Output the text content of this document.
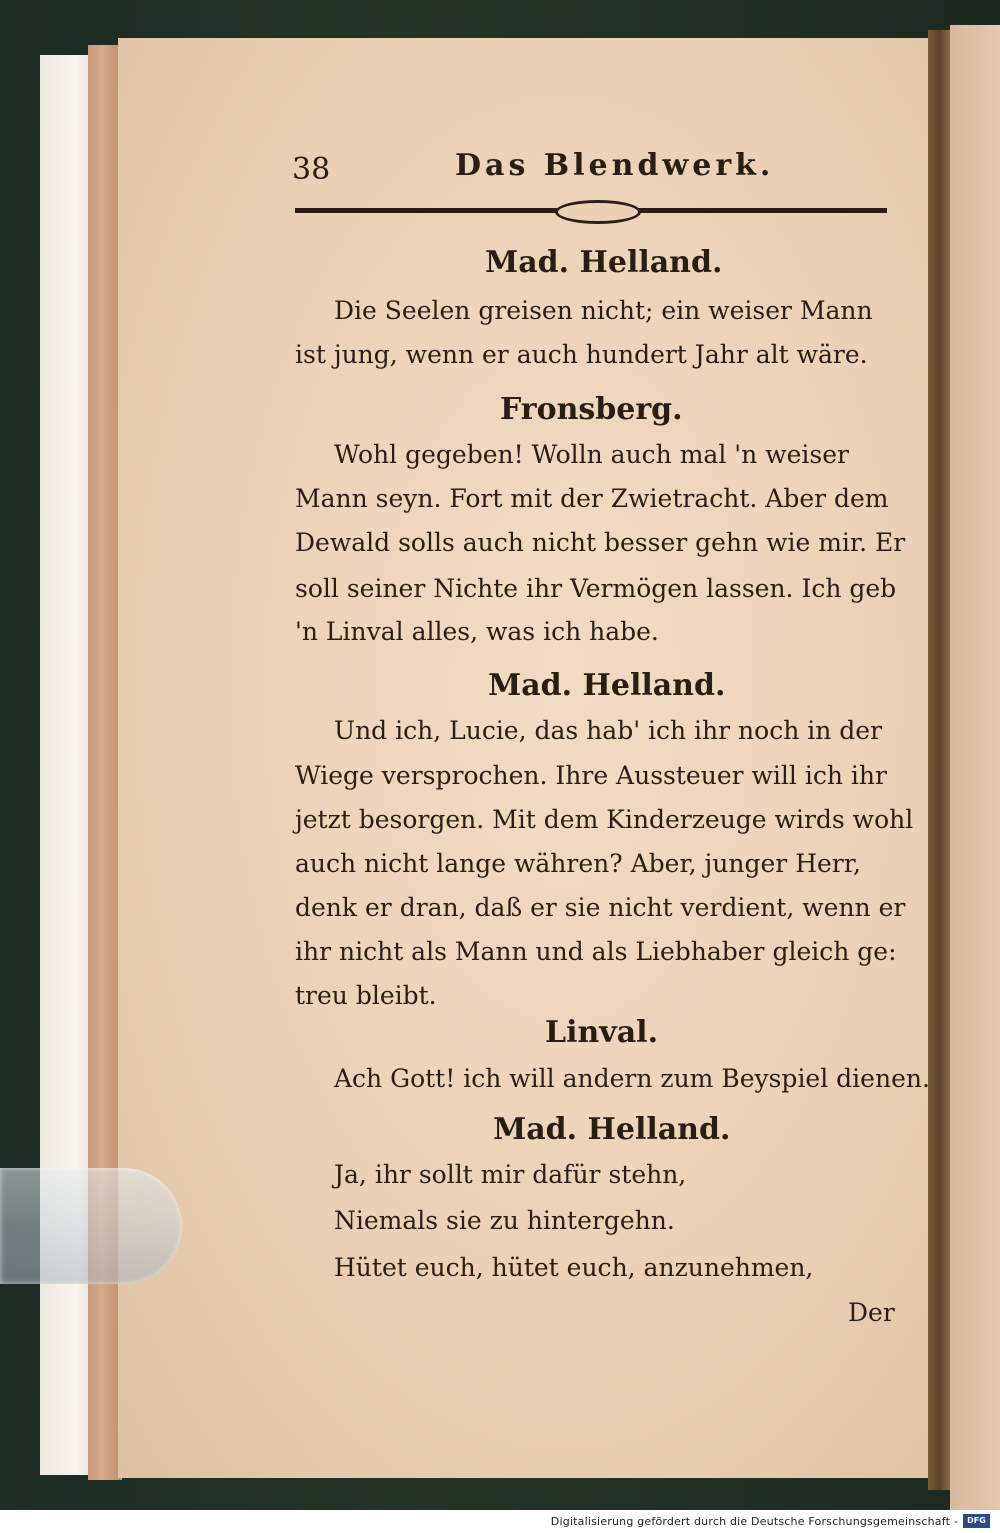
38	Das Blendwerk.
Mad. Helland.
Die Seelen greisen nicht; ein weiser Mann
ist jung, wenn er auch hundert Jahr alt wäre.
Fronsberg.
Wohl gegeben! Wolln auch mal 'n weiser
Mann seyn. Fort mit der Zwietracht. Aber dem
Dewald solls auch nicht besser gehn wie mir. Er
soll seiner Nichte ihr Vermögen lassen. Ich geb
'n Linval alles, was ich habe.
Mad. Helland.
Und ich, Lucie, das hab' ich ihr noch in der
Wiege versprochen. Ihre Aussteuer will ich ihr
jetzt besorgen. Mit dem Kinderzeuge wirds wohl
auch nicht lange währen? Aber, junger Herr,
denk er dran, daß er sie nicht verdient, wenn er
ihr nicht als Mann und als Liebhaber gleich ge:
treu bleibt.
Linval.
Ach Gott! ich will andern zum Beyspiel dienen.
Mad. Helland.
Ja, ihr sollt mir dafür stehn,
Niemals sie zu hintergehn.
Hütet euch, hütet euch, anzunehmen,
Der
Digitalisierung gefördert durch die Deutsche Forschungsgemeinschaft -	DFG
